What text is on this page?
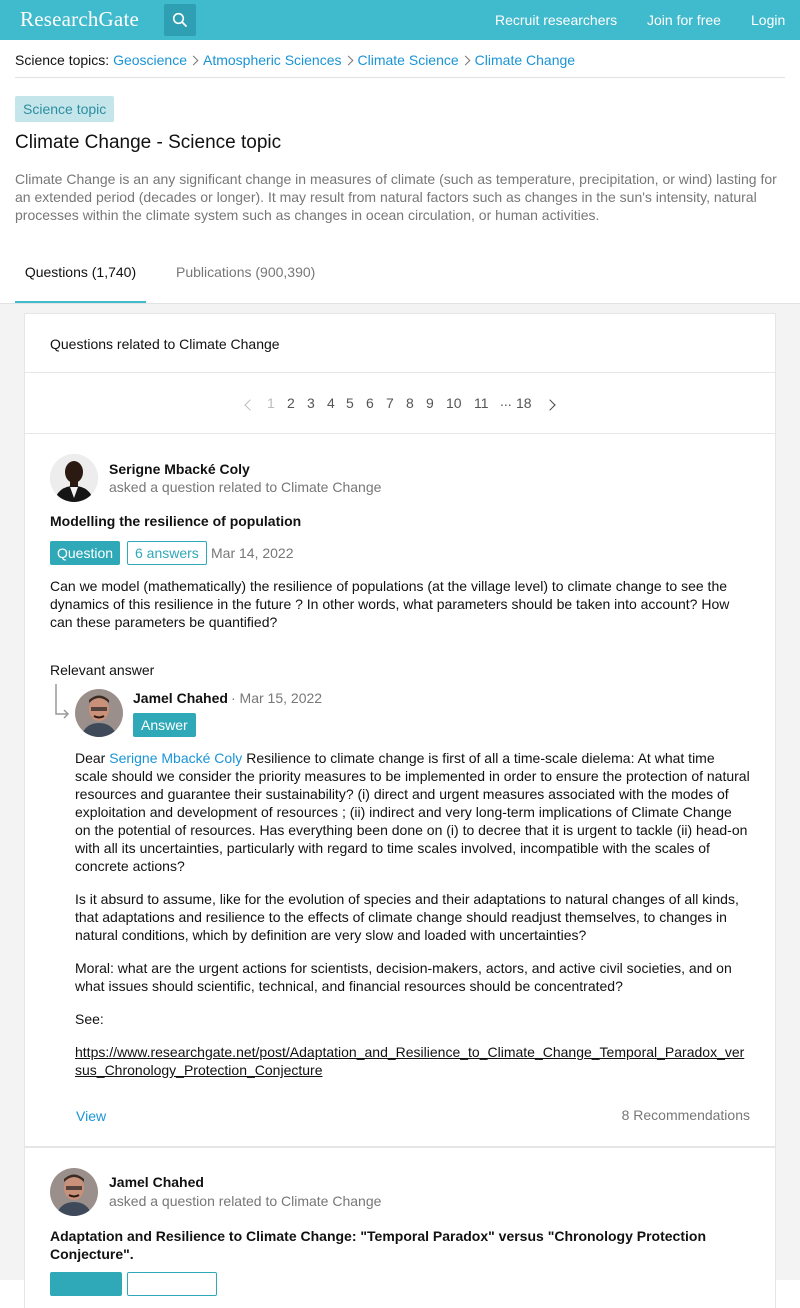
ResearchGate	Recruit researchers Join for free Login
Science topics: Geoscience Atmospheric Sciences Climate Science Climate Change
Science topic
Climate Change - Science topic
Climate Change is an any significant change in measures of climate (such as temperature, precipitation, or wind) lasting for an extended period (decades or longer). It may result from natural factors such as changes in the sun's intensity, natural processes within the climate system such as changes in ocean circulation, or human activities.
Questions (1,740)	Publications (900,390)
Questions related to Climate Change
1 2 3 4 5 6 7 8 9 10 11 ... 18
Serigne Mbacké Coly
asked a question related to Climate Change
Modelling the resilience of population
Question	6 answers Mar 14, 2022
Can we model (mathematically) the resilience of populations (at the village level) to climate change to see the dynamics of this resilience in the future ? In other words, what parameters should be taken into account? How can these parameters be quantified?
Relevant answer
Jamel Chahed · Mar 15, 2022
Answer

Dear Serigne Mbacké Coly Resilience to climate change is first of all a time-scale dielema: At what time scale should we consider the priority measures to be implemented in order to ensure the protection of natural resources and guarantee their sustainability? (i) direct and urgent measures associated with the modes of exploitation and development of resources ; (ii) indirect and very long-term implications of Climate Change on the potential of resources. Has everything been done on (i) to decree that it is urgent to tackle (ii) head-on with all its uncertainties, particularly with regard to time scales involved, incompatible with the scales of concrete actions?

Is it absurd to assume, like for the evolution of species and their adaptations to natural changes of all kinds, that adaptations and resilience to the effects of climate change should readjust themselves, to changes in natural conditions, which by definition are very slow and loaded with uncertainties?

Moral: what are the urgent actions for scientists, decision-makers, actors, and active civil societies, and on what issues should scientific, technical, and financial resources should be concentrated?

See:

https://www.researchgate.net/post/Adaptation_and_Resilience_to_Climate_Change_Temporal_Paradox_versus_Chronology_Protection_Conjecture

View	8 Recommendations
Jamel Chahed
asked a question related to Climate Change
Adaptation and Resilience to Climate Change: "Temporal Paradox" versus "Chronology Protection Conjecture".
